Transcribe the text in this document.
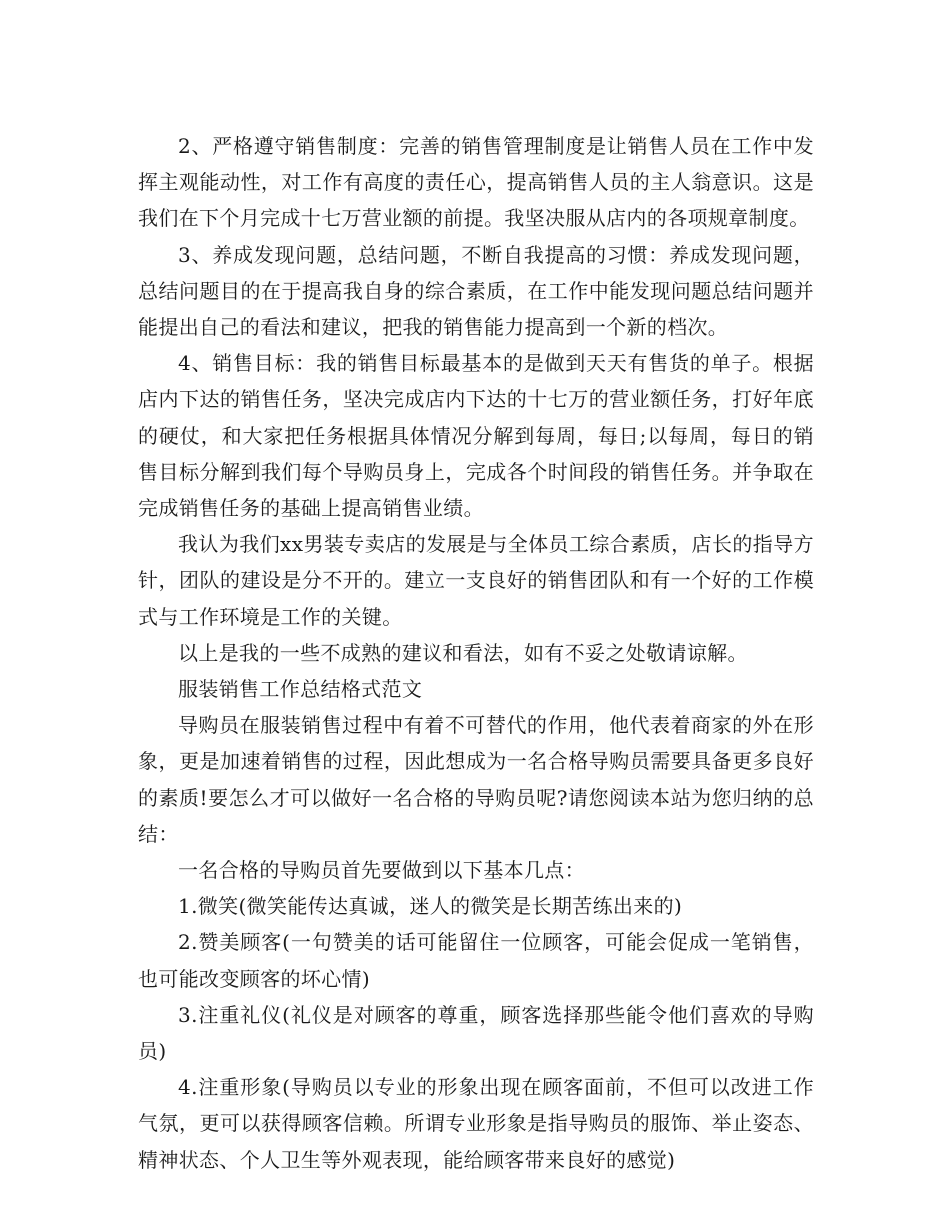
2、严格遵守销售制度：完善的销售管理制度是让销售人员在工作中发挥主观能动性，对工作有高度的责任心，提高销售人员的主人翁意识。这是我们在下个月完成十七万营业额的前提。我坚决服从店内的各项规章制度。

3、养成发现问题，总结问题，不断自我提高的习惯：养成发现问题，总结问题目的在于提高我自身的综合素质，在工作中能发现问题总结问题并能提出自己的看法和建议，把我的销售能力提高到一个新的档次。

4、销售目标：我的销售目标最基本的是做到天天有售货的单子。根据店内下达的销售任务，坚决完成店内下达的十七万的营业额任务，打好年底的硬仗，和大家把任务根据具体情况分解到每周，每日;以每周，每日的销售目标分解到我们每个导购员身上，完成各个时间段的销售任务。并争取在完成销售任务的基础上提高销售业绩。

我认为我们xx男装专卖店的发展是与全体员工综合素质，店长的指导方针，团队的建设是分不开的。建立一支良好的销售团队和有一个好的工作模式与工作环境是工作的关键。

以上是我的一些不成熟的建议和看法，如有不妥之处敬请谅解。

服装销售工作总结格式范文

导购员在服装销售过程中有着不可替代的作用，他代表着商家的外在形象，更是加速着销售的过程，因此想成为一名合格导购员需要具备更多良好的素质!要怎么才可以做好一名合格的导购员呢?请您阅读本站为您归纳的总结：

一名合格的导购员首先要做到以下基本几点：

1.微笑(微笑能传达真诚，迷人的微笑是长期苦练出来的)

2.赞美顾客(一句赞美的话可能留住一位顾客，可能会促成一笔销售，也可能改变顾客的坏心情)

3.注重礼仪(礼仪是对顾客的尊重，顾客选择那些能令他们喜欢的导购员)

4.注重形象(导购员以专业的形象出现在顾客面前，不但可以改进工作气氛，更可以获得顾客信赖。所谓专业形象是指导购员的服饰、举止姿态、精神状态、个人卫生等外观表现，能给顾客带来良好的感觉)
